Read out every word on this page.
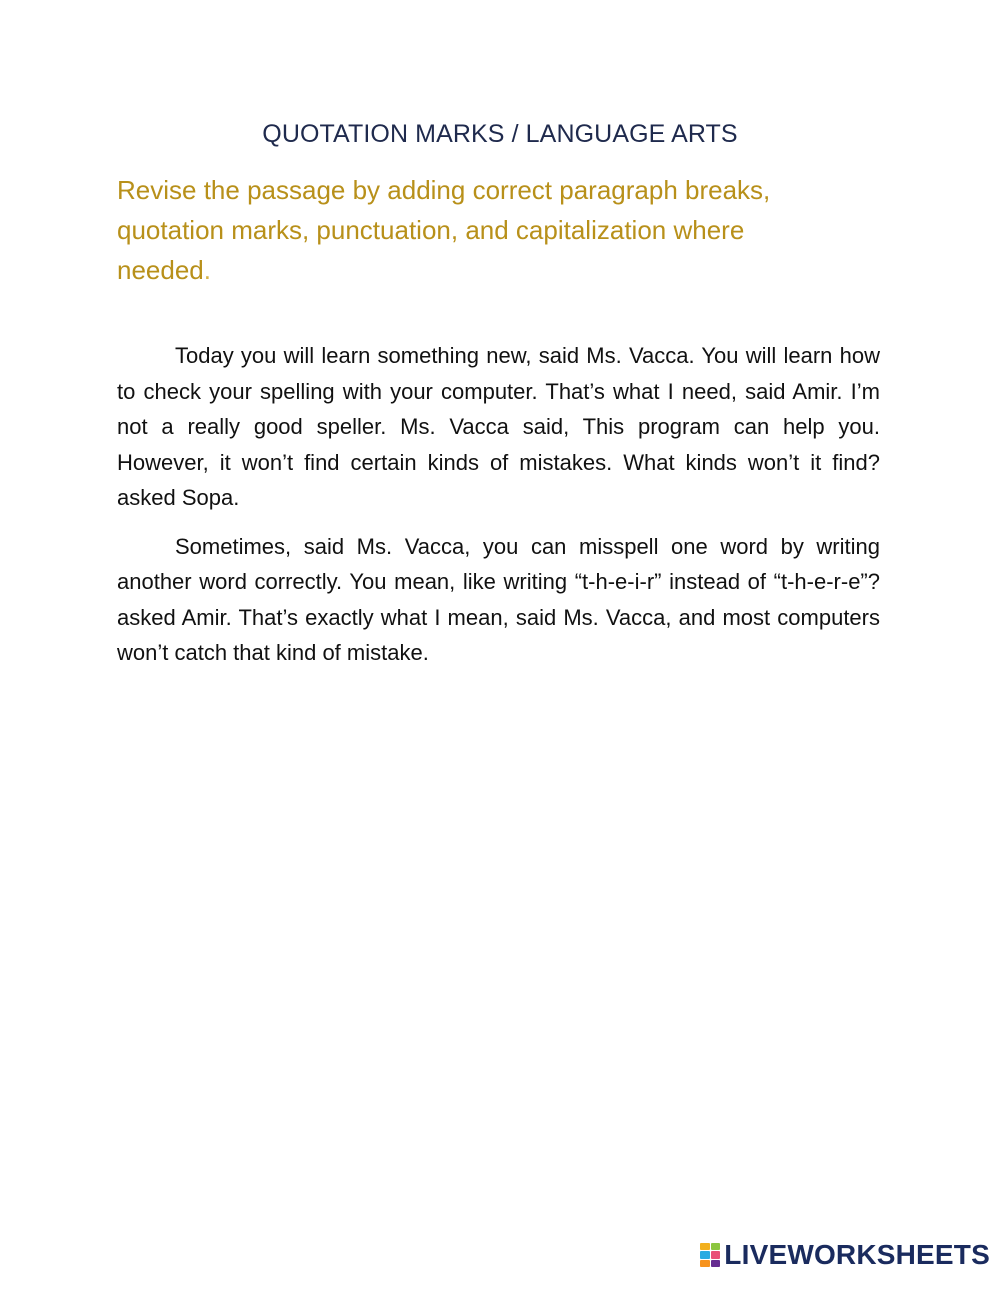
QUOTATION MARKS / LANGUAGE ARTS
Revise the passage by adding correct paragraph breaks, quotation marks, punctuation, and capitalization where needed.

Today you will learn something new, said Ms. Vacca. You will learn how to check your spelling with your computer. That’s what I need, said Amir. I’m not a really good speller. Ms. Vacca said, This program can help you. However, it won’t find certain kinds of mistakes. What kinds won’t it find? asked Sopa.

Sometimes, said Ms. Vacca, you can misspell one word by writing another word correctly. You mean, like writing “t-h-e-i-r” instead of “t-h-e-r-e”? asked Amir. That’s exactly what I mean, said Ms. Vacca, and most computers won’t catch that kind of mistake.

LIVEWORKSHEETS
